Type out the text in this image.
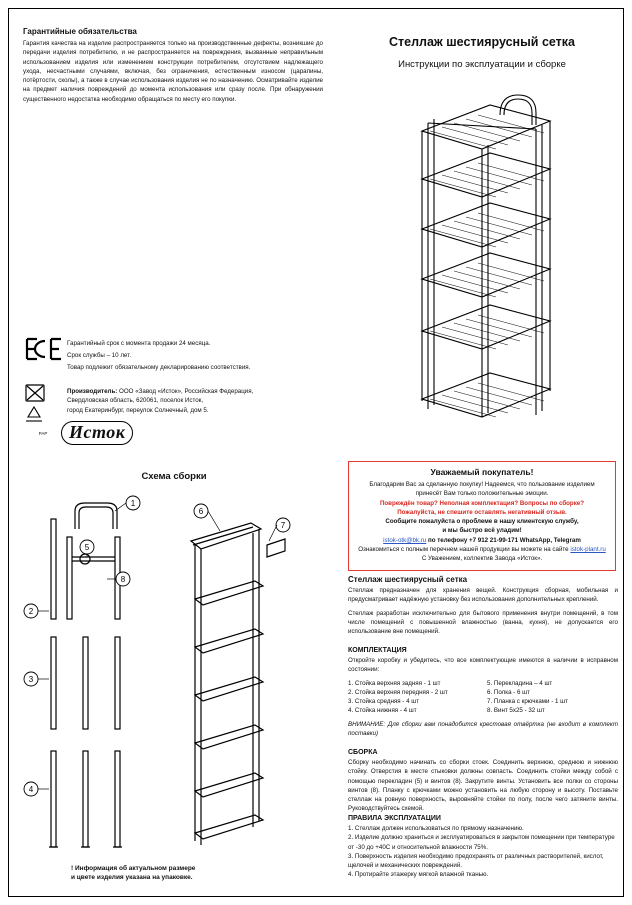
Гарантийные обязательства

Гарантия качества на изделие распространяется только на производственные дефекты, возникшие до передачи изделия потребителю, и не распространяется на повреждения, вызванные неправильным использованием изделия или изменением конструкции потребителем, отсутствием надлежащего ухода, несчастными случаями, включая, без ограничения, естественным износом (царапины, потёртости, сколы), а также в случае использования изделия не по назначению. Осматривайте изделие на предмет наличия повреждений до момента использования или сразу после. При обнаружении существенного недостатка необходимо обращаться по месту его покупки.

PAP

Гарантийный срок с момента продажи 24 месяца.

Срок службы – 10 лет.

Товар подлежит обязательному декларированию соответствия.

Производитель: ООО «Завод «Исток», Российская Федерация,

Свердловская область, 620061, поселок Исток,

город Екатеринбург, переулок Солнечный, дом 5.

Исток
Схема сборки
2
3
4
5
8
6
7
1

! Информация об актуальном размере

и цвете изделия указана на упаковке.

Стеллаж шестиярусный сетка
Инструкции по эксплуатации и сборке
Уважаемый покупатель!

Благодарим Вас за сделанную покупку! Надеемся, что пользование изделием

принесёт Вам только положительные эмоции.

Повреждён товар? Неполная комплектация? Вопросы по сборке?

Пожалуйста, не спешите оставлять негативный отзыв.

Сообщите пожалуйста о проблеме в нашу клиентскую службу,

и мы быстро всё уладим!

istok-otk@bk.ru по телефону +7 912 21-99-171 WhatsApp, Telegram

Ознакомиться с полным перечнем нашей продукции вы можете на сайте istok-plant.ru

С Уважением, коллектив Завода «Исток».

Стеллаж шестиярусный сетка

Стеллаж предназначен для хранения вещей. Конструкция сборная, мобильная и предусматривает надёжную установку без использования дополнительных креплений.

Стеллаж разработан исключительно для бытового применения внутри помещений, в том числе помещений с повышенной влажностью (ванна, кухня), не допускается его использование вне помещений.

КОМПЛЕКТАЦИЯ

Откройте коробку и убедитесь, что все комплектующие имеются в наличии в исправном состоянии:

1. Стойка верхняя задняя - 1 шт
2. Стойка верхняя передняя - 2 шт
3. Стойка средняя - 4 шт
4. Стойка нижняя - 4 шт
5. Перекладина – 4 шт
6. Полка - 6 шт
7. Планка с крючками - 1 шт
8. Винт 5х25 - 32 шт

ВНИМАНИЕ: Для сборки вам понадобится крестовая отвёртка (не входит в комплект поставки)

СБОРКА

Сборку необходимо начинать со сборки стоек. Соединить верхнюю, среднюю и нижнюю стойку. Отверстия в месте стыковки должны совпасть. Соединить стойки между собой с помощью перекладин (5) и винтов (8). Закрутите винты. Установить все полки со стороны винтов (8). Планку с крючками можно установить на любую сторону и высоту. Поставьте стеллаж на ровную поверхность, выровняйте стойки по полу, после чего затяните винты. Руководствуйтесь схемой.

ПРАВИЛА ЭКСПЛУАТАЦИИ
1. Стеллаж должен использоваться по прямому назначению.
2. Изделие должно храниться и эксплуатироваться в закрытом помещении при температуре от -30 до +40С и относительной влажности 75%.
3. Поверхность изделия необходимо предохранять от различных растворителей, кислот, щелочей и механических повреждений.
4. Протирайте этажерку мягкой влажной тканью.
